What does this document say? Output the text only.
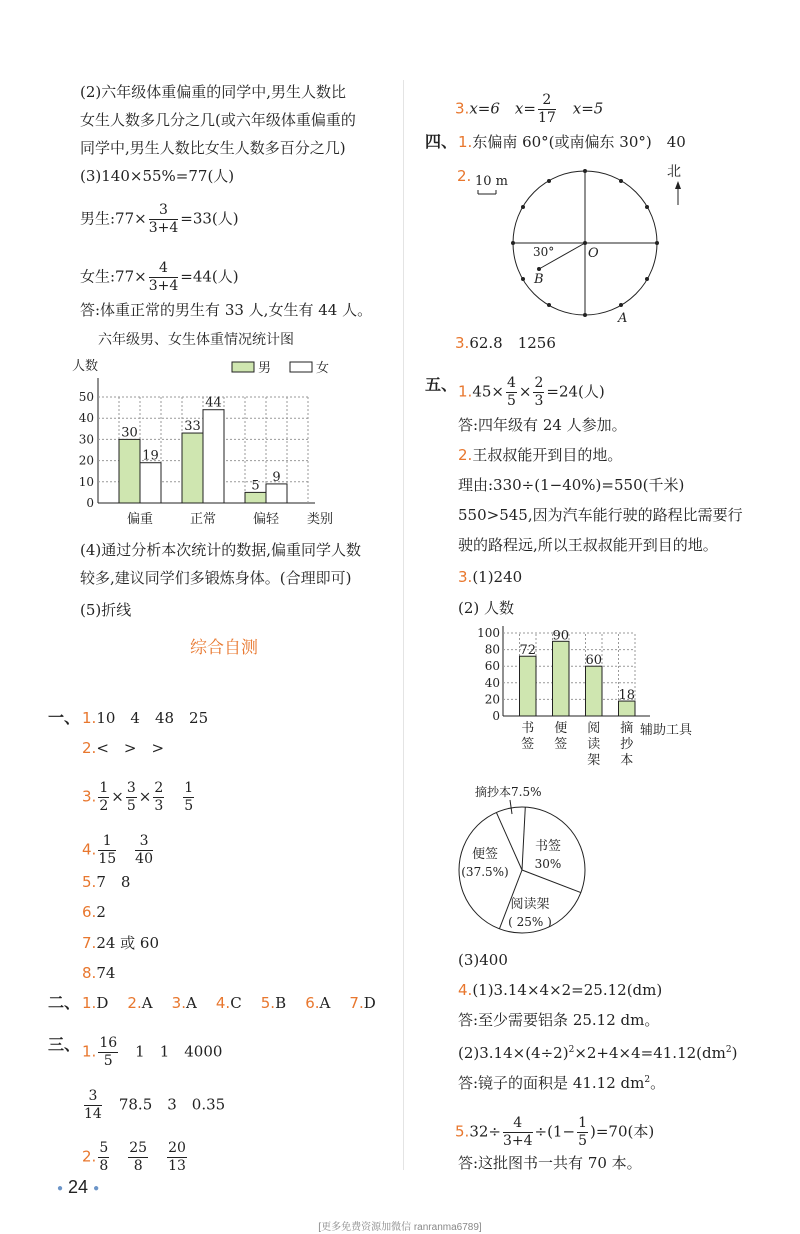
(2)六年级体重偏重的同学中,男生人数比
女生人数多几分之几(或六年级体重偏重的
同学中,男生人数比女生人数多百分之几)
(3)140×55%=77(人)
男生:77× $\frac{3}{3+4} =33$(人)
女生:77× $\frac{4}{3+4} =44$(人)
答:体重正常的男生有 33 人,女生有 44 人。
六年级男、女生体重情况统计图
人数
0
10
20
30
40
50
30
19
偏重
33
44
正常
5
9
偏轻 类别
男	女
(4)通过分析本次统计的数据,偏重同学人数
较多,建议同学们多锻炼身体。(合理即可)
(5)折线
综合自测
一、 1.10　4　48　25
2.<　>　>
3. $\frac{1}{2} \times \frac{3}{5} \times \frac{2}{3}$
　 $\frac{1}{5}$
4. $\frac{1}{15}$
　 $\frac{3}{40}$
5.7　8
6.2
7.24 或 60
8.74
二、 1.D 2.A 3.A 4.C 5.B 6.A 7.D
三、 1. $\frac{16}{5}$
　 1　1　4000
$\frac{3}{14}$
　 78.5　3　0.35
2. $\frac{5}{8}$
　 $\frac{25}{8}$
　 $\frac{20}{13}$
3.x=6　 $x= \frac{2}{17}$
　 x=5
四、 1.东偏南 60°(或南偏东 30°)　40
2. 10 m
北
30°	O
B
A
3.62.8　1256
五、 $1.45\times \frac{4}{5} \times \frac{2}{3} =24$(人)
答:四年级有 24 人参加。
2.王叔叔能开到目的地。
理由:330÷(1−40%)=550(千米)
550>545,因为汽车能行驶的路程比需要行
驶的路程远,所以王叔叔能开到目的地。
3.(1)240
(2) 人数
0
20
40
60
80
100
72
书
签
90
便
签
60
阅
读
架
18
摘
抄
本
辅助工具
书签
30%
阅读架
( 25% )
便签
(37.5%)
摘抄本7.5%
(3)400
4.(1)3.14×4×2=25.12(dm)
答:至少需要铝条 25.12 dm。
$(2)3.14\times(4\div 2)^2\times 2+4\times 4=41.12(dm^2)$
答:镜子的面积是 41.12 $dm^2$。
$5.32\div \frac{4}{3+4} \div(1- \frac{1}{5} )=70$(本)
答:这批图书一共有 70 本。
● 24 ●
[更多免费资源加微信 ranranma6789]
